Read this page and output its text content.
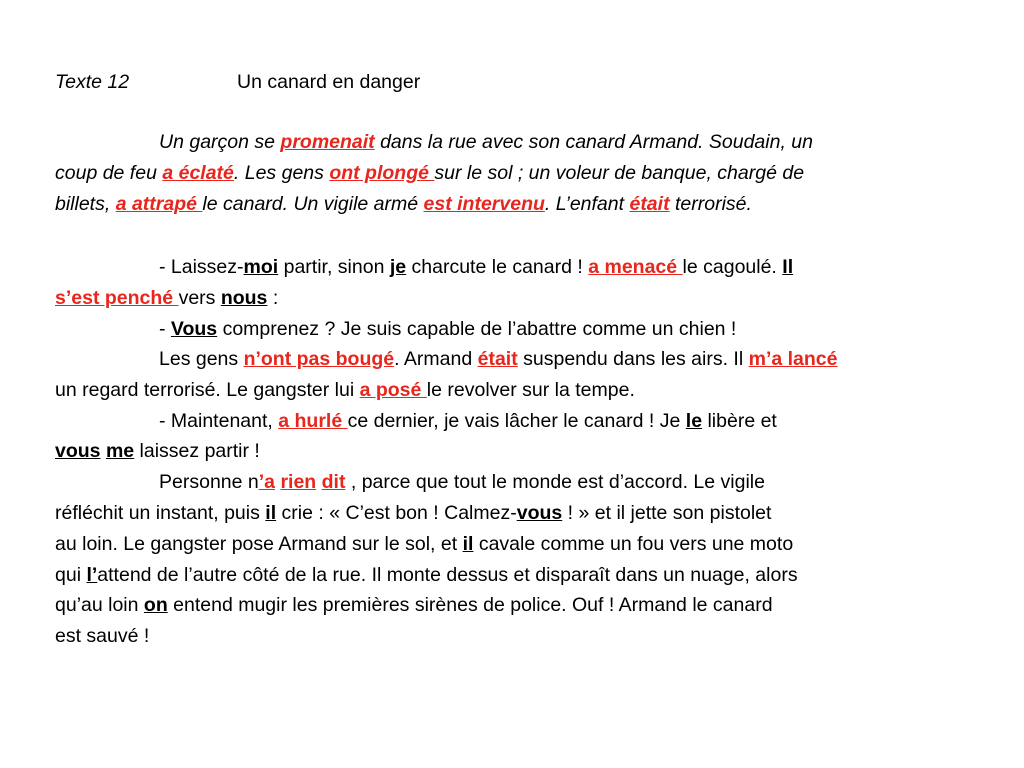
Texte 12	Un canard en danger
Un garçon se promenait dans la rue avec son canard Armand. Soudain, un
coup de feu a éclaté. Les gens ont plongé sur le sol ; un voleur de banque, chargé de
billets, a attrapé le canard. Un vigile armé est intervenu. L’enfant était terrorisé.
- Laissez-moi partir, sinon je charcute le canard ! a menacé le cagoulé. Il
s’est penché vers nous :
- Vous comprenez ? Je suis capable de l’abattre comme un chien !
Les gens n’ont pas bougé. Armand était suspendu dans les airs. Il m’a lancé
un regard terrorisé. Le gangster lui a posé le revolver sur la tempe.
- Maintenant, a hurlé ce dernier, je vais lâcher le canard ! Je le libère et
vous me laissez partir !
Personne n’a rien dit , parce que tout le monde est d’accord. Le vigile
réfléchit un instant, puis il crie : « C’est bon ! Calmez-vous ! » et il jette son pistolet
au loin. Le gangster pose Armand sur le sol, et il cavale comme un fou vers une moto
qui l’attend de l’autre côté de la rue. Il monte dessus et disparaît dans un nuage, alors
qu’au loin on entend mugir les premières sirènes de police. Ouf ! Armand le canard
est sauvé !
